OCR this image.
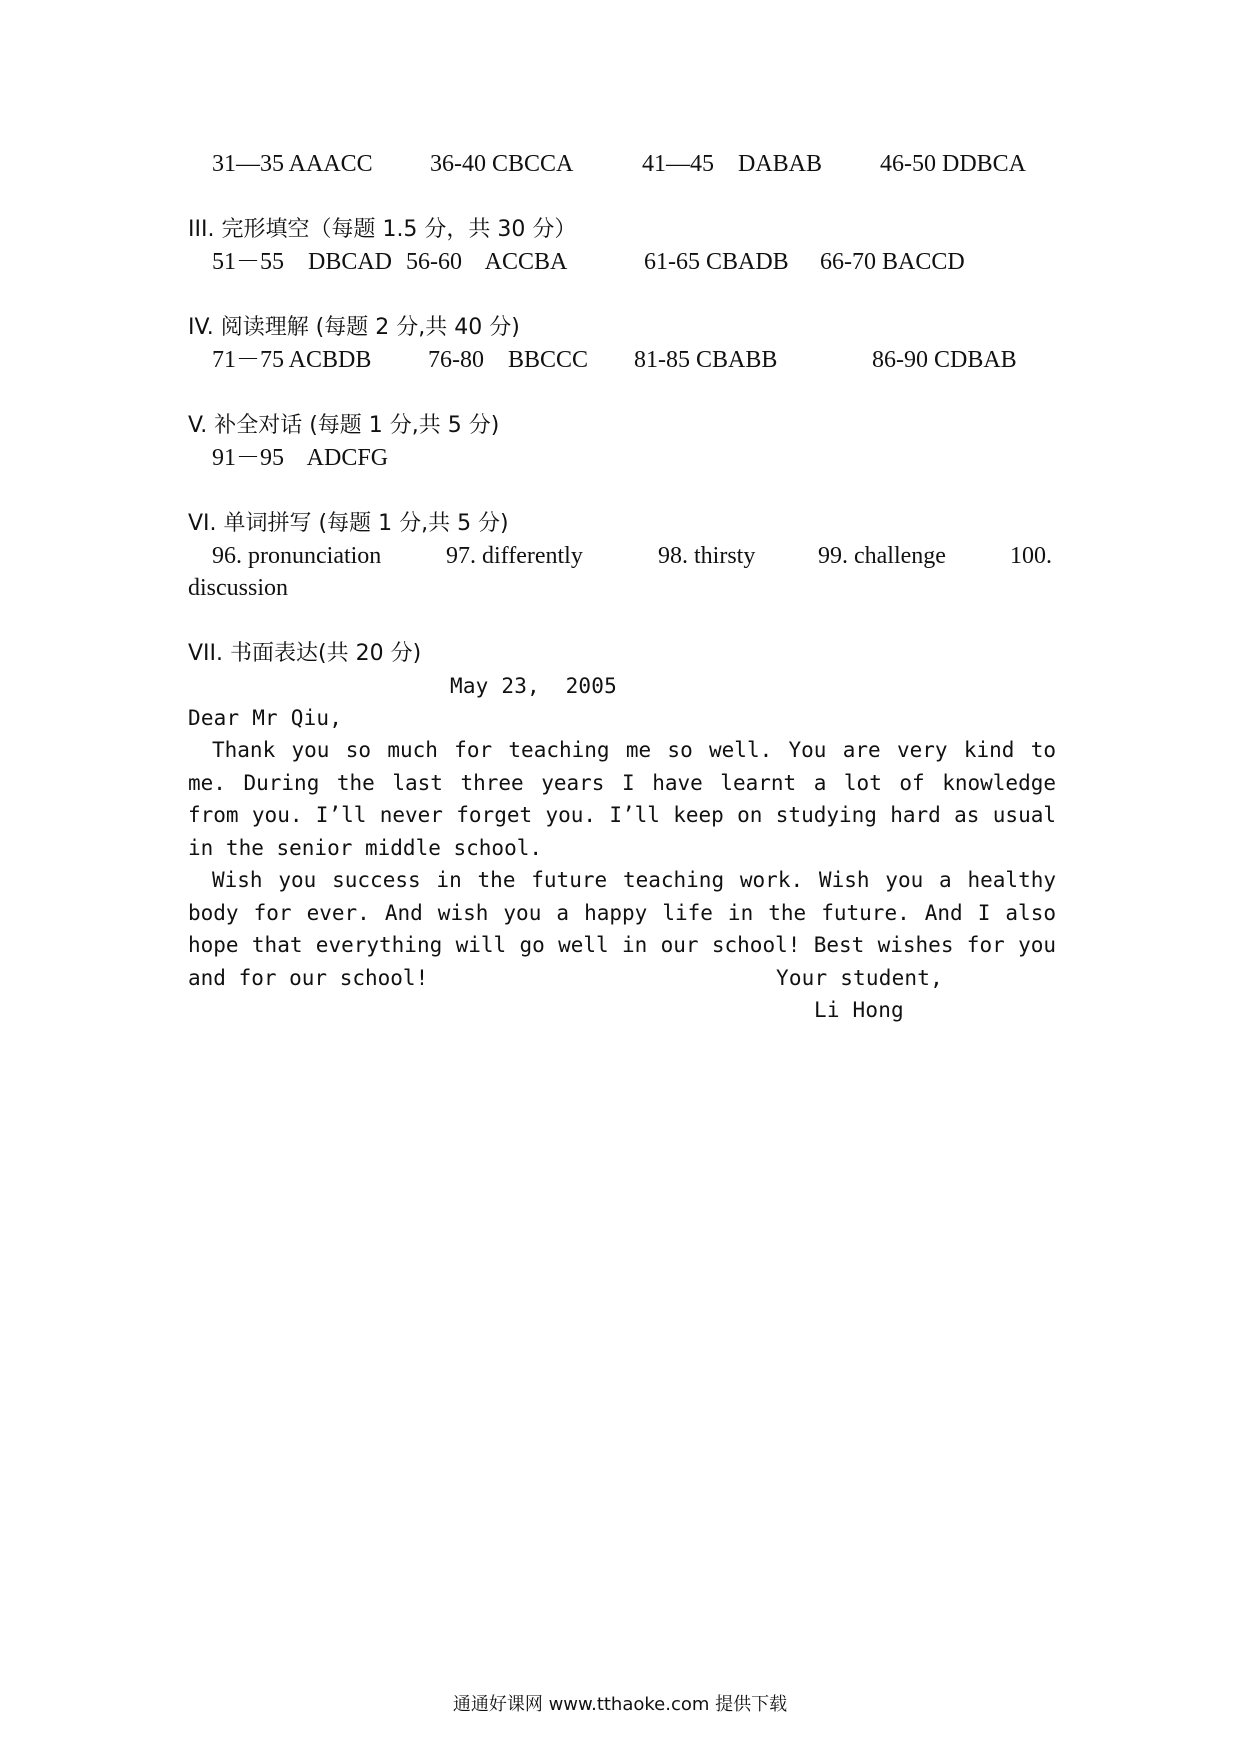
31—35 AAACC 36-40 CBCCA	41—45    DABAB 46-50 DDBCA
III. 完形填空（每题 1.5 分，共 30 分）
51－55    DBCAD 56-60    ACCBA	61-65 CBADB 66-70 BACCD
IV. 阅读理解 (每题 2 分,共 40 分)
71－75 ACBDB 76-80    BBCCC 81-85 CBABB	86-90 CDBAB
V. 补全对话 (每题 1 分,共 5 分)
91－95    ADCFG
VI. 单词拼写 (每题 1 分,共 5 分)
96. pronunciation	97. differently	98. thirsty	99. challenge	100.
discussion
VII. 书面表达(共 20 分)
May 23,  2005
Dear Mr Qiu,

Thank you so much for teaching me so well. You are very kind to me. During the last three years I have learnt a lot of knowledge from you. I’ll never forget you. I’ll keep on studying hard as usual in the senior middle school.

Wish you success in the future teaching work. Wish you a healthy body for ever. And wish you a happy life in the future. And I also hope that everything will go well in our school! Best wishes for you and for our school!	Your student,
Li Hong
通通好课网 www.tthaoke.com 提供下载
